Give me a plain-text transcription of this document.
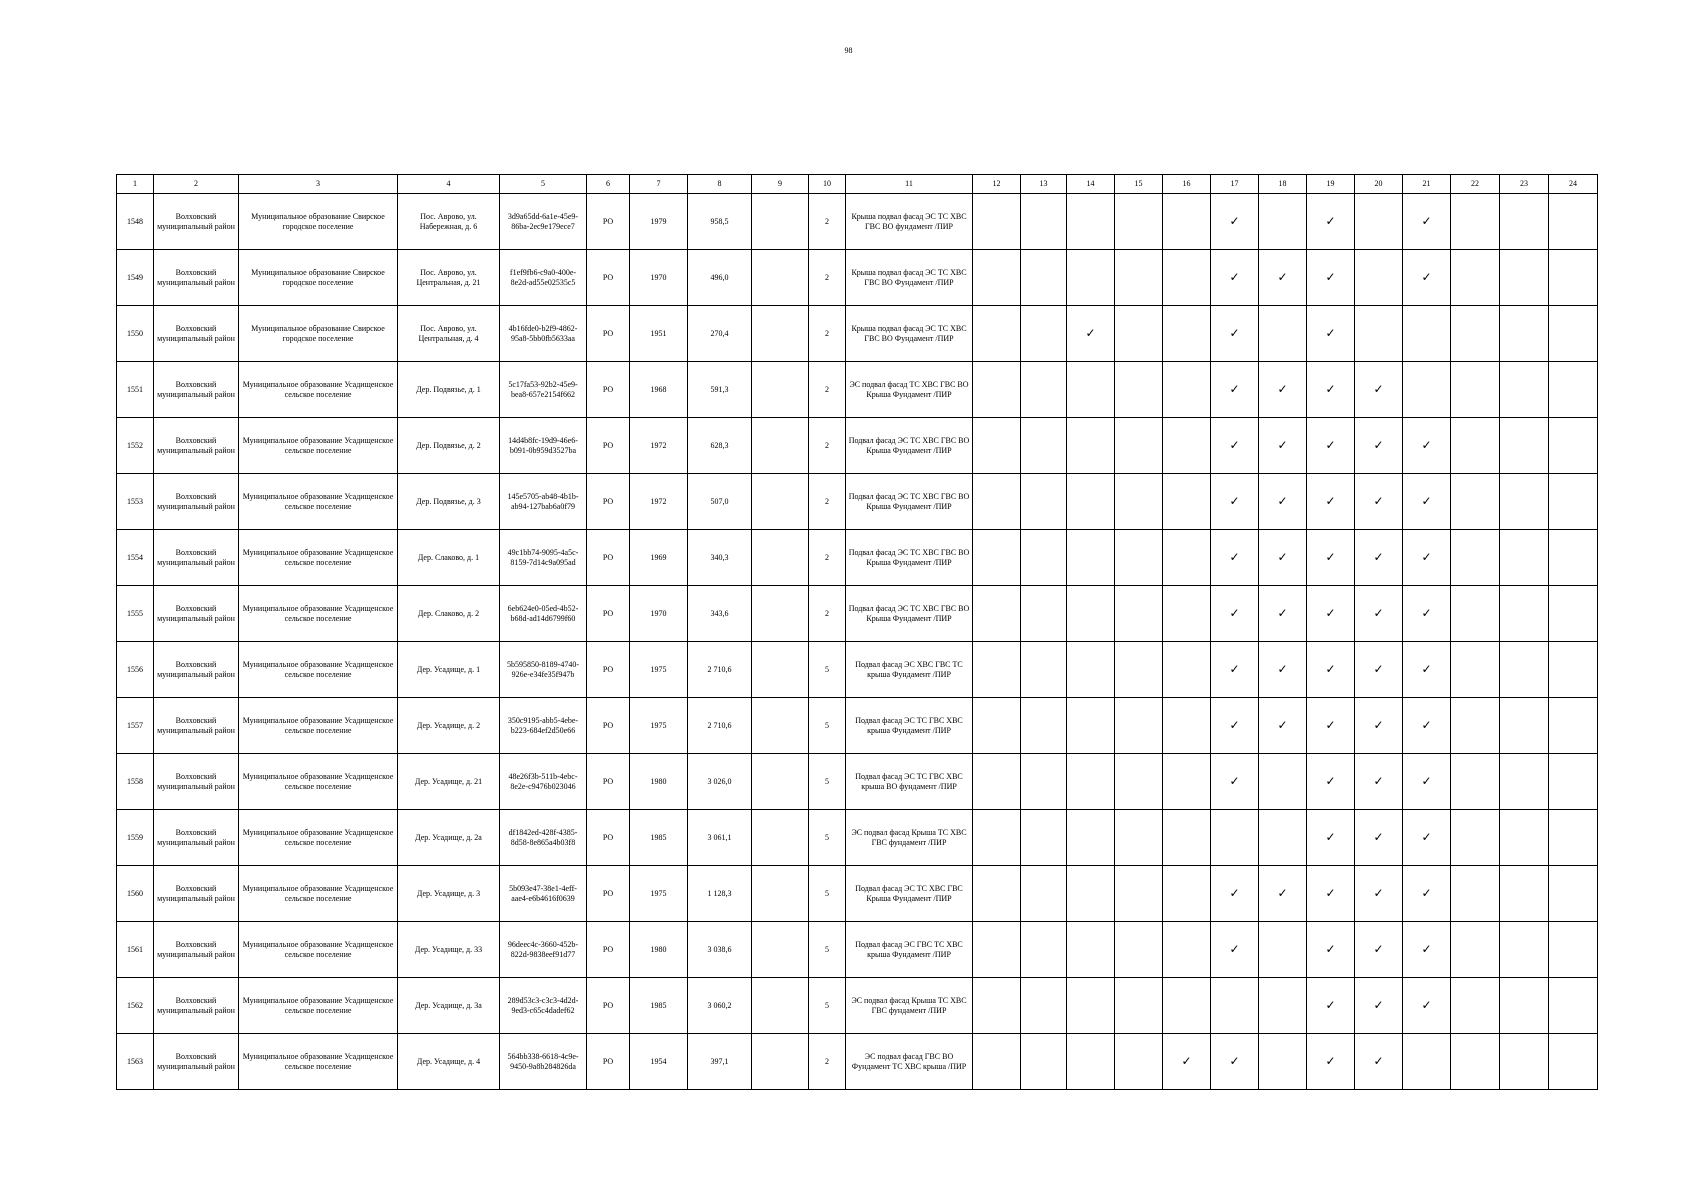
98
1	2	3	4	5	6	7	8	9	10	11	12	13	14	15	16	17	18	19	20	21	22	23	24
1548	Волховский муниципальный район	Муниципальное образование Свирское городское поселение	Пос. Аврово, ул. Набережная, д. 6	3d9a65dd-6a1e-45e9-86ba-2ec9e179ece7	РО	1979	958,5		2	Крыша подвал фасад ЭС ТС ХВС ГВС ВО фундамент /ПИР						✓		✓		✓			
1549	Волховский муниципальный район	Муниципальное образование Свирское городское поселение	Пос. Аврово, ул. Центральная, д. 21	f1ef9fb6-c9a0-400e-8e2d-ad55e02535c5	РО	1970	496,0		2	Крыша подвал фасад ЭС ТС ХВС ГВС ВО Фундамент /ПИР						✓	✓	✓		✓			
1550	Волховский муниципальный район	Муниципальное образование Свирское городское поселение	Пос. Аврово, ул. Центральная, д. 4	4b16fde0-b2f9-4862-95a8-5bb0fb5633aa	РО	1951	270,4		2	Крыша подвал фасад ЭС ТС ХВС ГВС ВО Фундамент /ПИР			✓			✓		✓					
1551	Волховский муниципальный район	Муниципальное образование Усадищенское сельское поселение	Дер. Подвязье, д. 1	5c17fa53-92b2-45e9-bea8-657e2154f662	РО	1968	591,3		2	ЭС подвал фасад ТС ХВС ГВС ВО Крыша Фундамент /ПИР						✓	✓	✓	✓				
1552	Волховский муниципальный район	Муниципальное образование Усадищенское сельское поселение	Дер. Подвязье, д. 2	14d4b8fc-19d9-46e6-b091-0b959d3527ba	РО	1972	628,3		2	Подвал фасад ЭС ТС ХВС ГВС ВО Крыша Фундамент /ПИР						✓	✓	✓	✓	✓			
1553	Волховский муниципальный район	Муниципальное образование Усадищенское сельское поселение	Дер. Подвязье, д. 3	145e5705-ab48-4b1b-ab94-127bab6a0f79	РО	1972	507,0		2	Подвал фасад ЭС ТС ХВС ГВС ВО Крыша Фундамент /ПИР						✓	✓	✓	✓	✓			
1554	Волховский муниципальный район	Муниципальное образование Усадищенское сельское поселение	Дер. Слаково, д. 1	49c1bb74-9095-4a5c-8159-7d14c9a095ad	РО	1969	340,3		2	Подвал фасад ЭС ТС ХВС ГВС ВО Крыша Фундамент /ПИР						✓	✓	✓	✓	✓			
1555	Волховский муниципальный район	Муниципальное образование Усадищенское сельское поселение	Дер. Слаково, д. 2	6eb624e0-05ed-4b52-b68d-ad14d6799f60	РО	1970	343,6		2	Подвал фасад ЭС ТС ХВС ГВС ВО Крыша Фундамент /ПИР						✓	✓	✓	✓	✓			
1556	Волховский муниципальный район	Муниципальное образование Усадищенское сельское поселение	Дер. Усадище, д. 1	5b595850-8189-4740-926e-e34fe35f947b	РО	1975	2 710,6		5	Подвал фасад ЭС ХВС ГВС ТС крыша Фундамент /ПИР						✓	✓	✓	✓	✓			
1557	Волховский муниципальный район	Муниципальное образование Усадищенское сельское поселение	Дер. Усадище, д. 2	350c9195-abb5-4ebe-b223-684ef2d50e66	РО	1975	2 710,6		5	Подвал фасад ЭС ТС ГВС ХВС крыша Фундамент /ПИР						✓	✓	✓	✓	✓			
1558	Волховский муниципальный район	Муниципальное образование Усадищенское сельское поселение	Дер. Усадище, д. 21	48e26f3b-511b-4ebc-8e2e-c9476b023046	РО	1980	3 026,0		5	Подвал фасад ЭС ТС ГВС ХВС крыша ВО фундамент /ПИР						✓		✓	✓	✓			
1559	Волховский муниципальный район	Муниципальное образование Усадищенское сельское поселение	Дер. Усадище, д. 2а	df1842ed-428f-4385-8d58-8e865a4b03f8	РО	1985	3 061,1		5	ЭС подвал фасад Крыша ТС ХВС ГВС фундамент /ПИР								✓	✓	✓			
1560	Волховский муниципальный район	Муниципальное образование Усадищенское сельское поселение	Дер. Усадище, д. 3	5b093e47-38e1-4eff-aae4-e6b4616f0639	РО	1975	1 128,3		5	Подвал фасад ЭС ТС ХВС ГВС Крыша Фундамент /ПИР						✓	✓	✓	✓	✓			
1561	Волховский муниципальный район	Муниципальное образование Усадищенское сельское поселение	Дер. Усадище, д. 33	96deec4c-3660-452b-822d-9838eef91d77	РО	1980	3 038,6		5	Подвал фасад ЭС ГВС ТС ХВС крыша Фундамент /ПИР						✓		✓	✓	✓			
1562	Волховский муниципальный район	Муниципальное образование Усадищенское сельское поселение	Дер. Усадище, д. 3а	289d53c3-c3c3-4d2d-9ed3-c65c4dadef62	РО	1985	3 060,2		5	ЭС подвал фасад Крыша ТС ХВС ГВС фундамент /ПИР								✓	✓	✓			
1563	Волховский муниципальный район	Муниципальное образование Усадищенское сельское поселение	Дер. Усадище, д. 4	564bb338-6618-4c9e-9450-9a8b284826da	РО	1954	397,1		2	ЭС подвал фасад ГВС ВО Фундамент ТС ХВС крыша /ПИР					✓	✓		✓	✓				
